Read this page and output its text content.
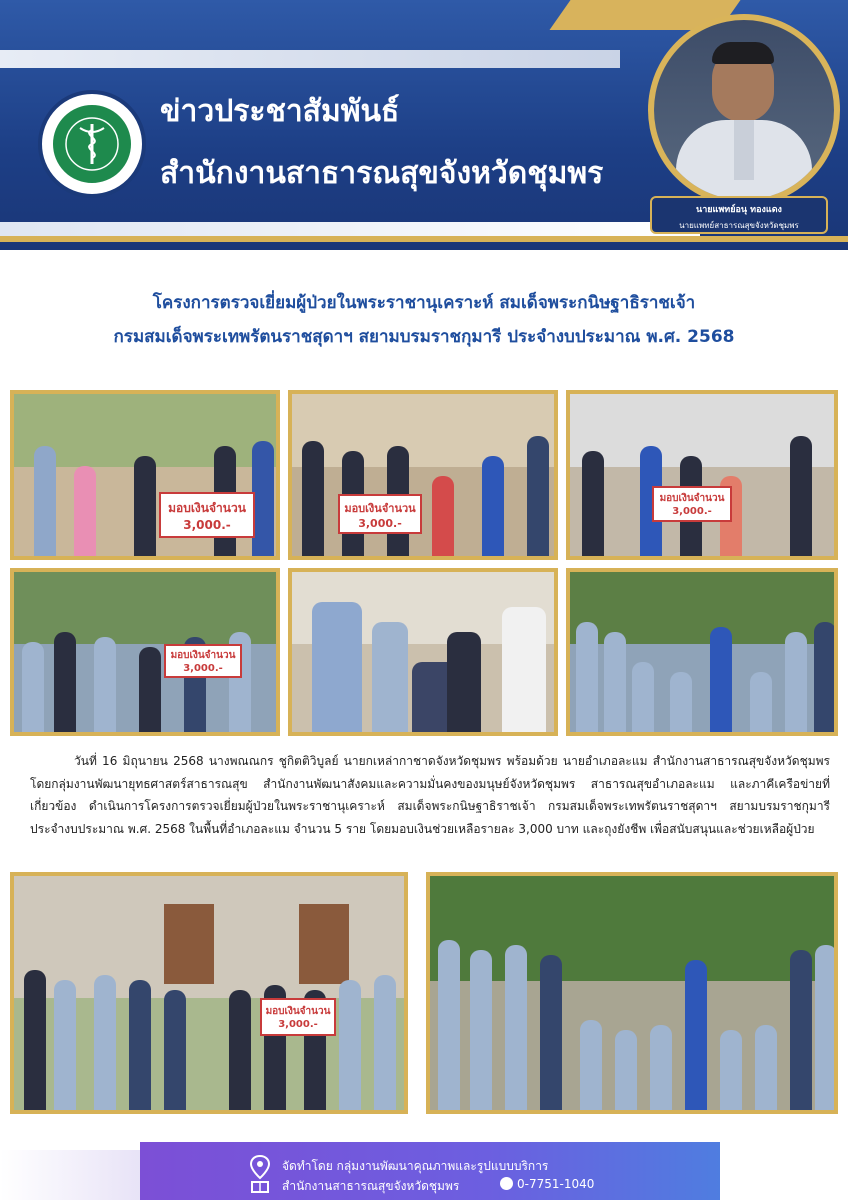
ข่าวประชาสัมพันธ์
สำนักงานสาธารณสุขจังหวัดชุมพร
นายแพทย์อนุ ทองแดง
นายแพทย์สาธารณสุขจังหวัดชุมพร
โครงการตรวจเยี่ยมผู้ป่วยในพระราชานุเคราะห์ สมเด็จพระกนิษฐาธิราชเจ้า
กรมสมเด็จพระเทพรัตนราชสุดาฯ สยามบรมราชกุมารี ประจำงบประมาณ พ.ศ. 2568
มอบเงินจำนวน 3,000.-
มอบเงินจำนวน 3,000.-
มอบเงินจำนวน 3,000.-
มอบเงินจำนวน 3,000.-
วันที่ 16 มิถุนายน 2568 นางพณณกร ชูกิตติวิบูลย์ นายกเหล่ากาชาดจังหวัดชุมพร พร้อมด้วย นายอำเภอละแม สำนักงานสาธารณสุขจังหวัดชุมพร โดยกลุ่มงานพัฒนายุทธศาสตร์สาธารณสุข สำนักงานพัฒนาสังคมและความมั่นคงของมนุษย์จังหวัดชุมพร สาธารณสุขอำเภอละแม และภาคีเครือข่ายที่เกี่ยวข้อง ดำเนินการโครงการตรวจเยี่ยมผู้ป่วยในพระราชานุเคราะห์ สมเด็จพระกนิษฐาธิราชเจ้า กรมสมเด็จพระเทพรัตนราชสุดาฯ สยามบรมราชกุมารี ประจำงบประมาณ พ.ศ. 2568 ในพื้นที่อำเภอละแม จำนวน 5 ราย โดยมอบเงินช่วยเหลือรายละ 3,000 บาท และถุงยังชีพ เพื่อสนับสนุนและช่วยเหลือผู้ป่วย
มอบเงินจำนวน 3,000.-
จัดทำโดย กลุ่มงานพัฒนาคุณภาพและรูปแบบบริการ
สำนักงานสาธารณสุขจังหวัดชุมพร	0-7751-1040
